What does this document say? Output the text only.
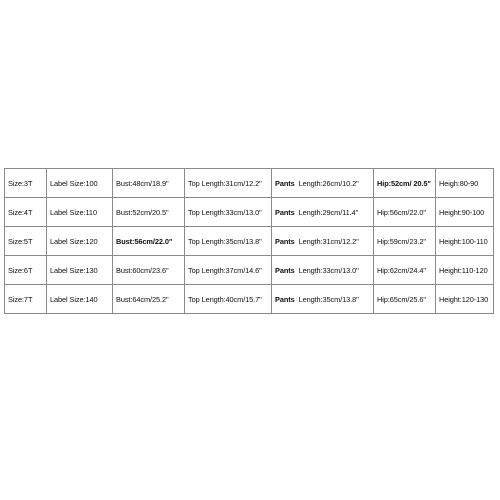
Size:3T	Label Size:100	Bust:48cm/18.9"	Top Length:31cm/12.2"	Pants Length:26cm/10.2"	Hip:52cm/ 20.5"	Heigh:80-90
Size:4T	Label Size:110	Bust:52cm/20.5"	Top Length:33cm/13.0"	Pants Length:29cm/11.4"	Hip:56cm/22.0"	Height:90-100
Size:5T	Label Size:120	Bust:56cm/22.0"	Top Length:35cm/13.8"	Pants Length:31cm/12.2"	Hip:59cm/23.2"	Height:100-110
Size:6T	Label Size:130	Bust:60cm/23.6"	Top Length:37cm/14.6"	Pants Length:33cm/13.0"	Hip:62cm/24.4"	Height:110-120
Size:7T	Label Size:140	Bust:64cm/25.2"	Top Length:40cm/15.7"	Pants Length:35cm/13.8"	Hip:65cm/25.6"	Height:120-130
